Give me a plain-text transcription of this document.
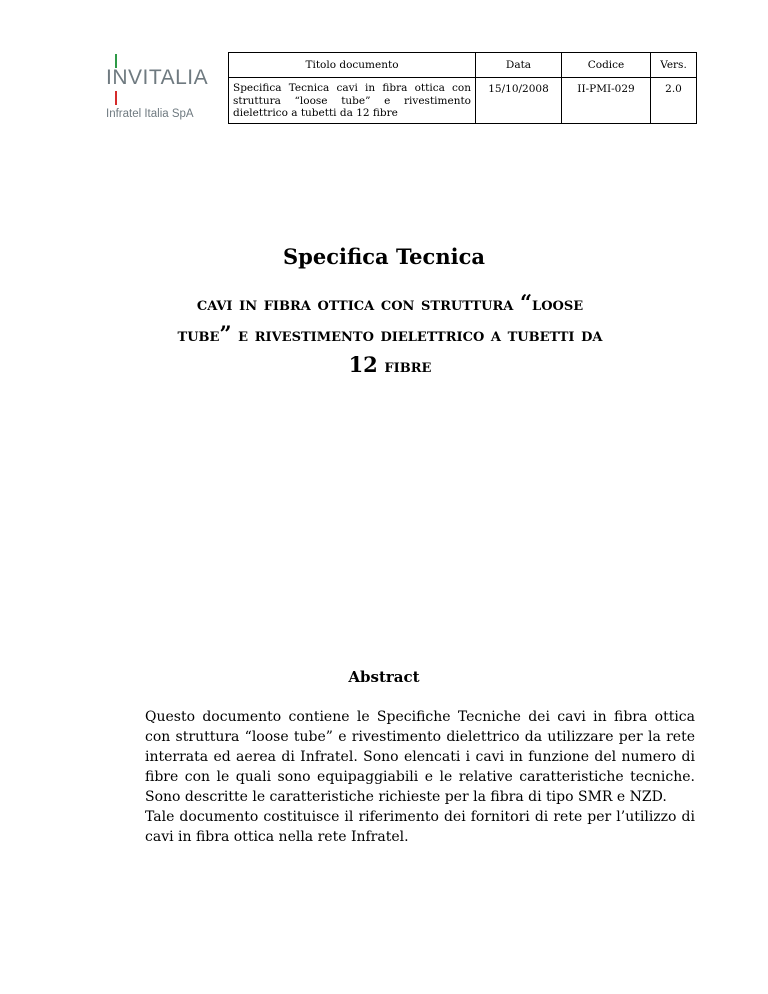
INVITALIA
Infratel Italia SpA
Titolo documento	Data	Codice	Vers.
Specifica Tecnica cavi in fibra ottica con struttura “loose tube” e rivestimento dielettrico a tubetti da 12 fibre	15/10/2008	II-PMI-029	2.0
Specifica Tecnica
cavi in fibra ottica con struttura “loose
tube” e rivestimento dielettrico a tubetti da
12 fibre
Abstract

Questo documento contiene le Specifiche Tecniche dei cavi in fibra ottica con struttura “loose tube” e rivestimento dielettrico da utilizzare per la rete interrata ed aerea di Infratel. Sono elencati i cavi in funzione del numero di fibre con le quali sono equipaggiabili e le relative caratteristiche tecniche. Sono descritte le caratteristiche richieste per la fibra di tipo SMR e NZD.

Tale documento costituisce il riferimento dei fornitori di rete per l’utilizzo di cavi in fibra ottica nella rete Infratel.
